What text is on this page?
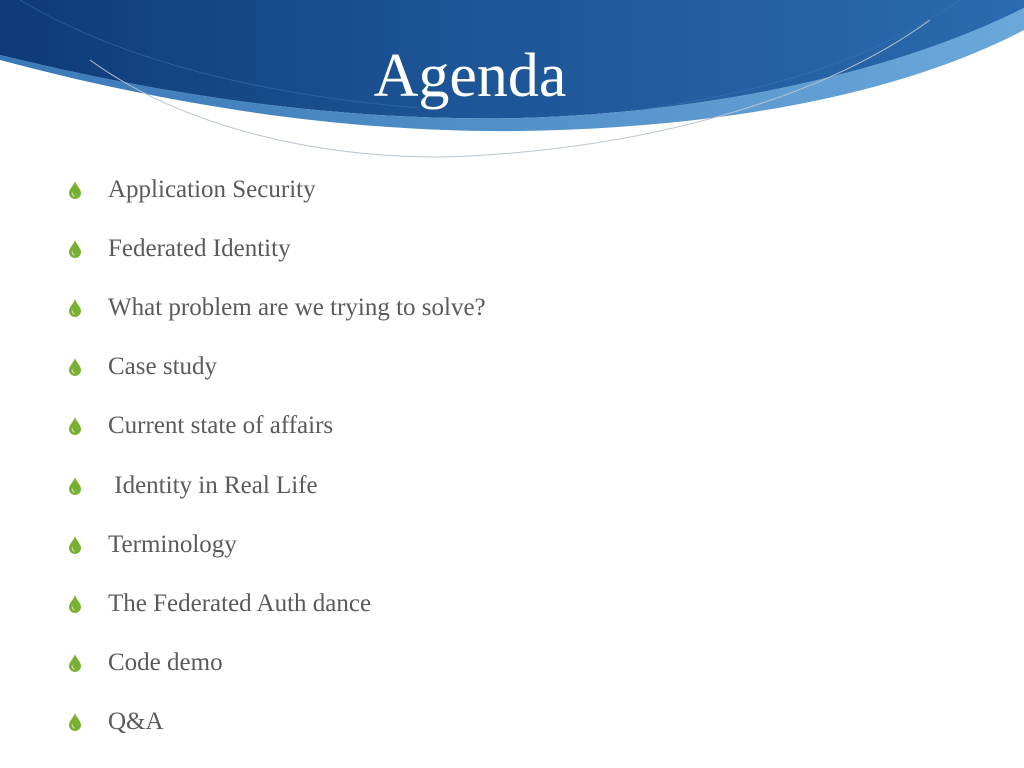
Agenda
Application Security
Federated Identity
What problem are we trying to solve?
Case study
Current state of affairs
Identity in Real Life
Terminology
The Federated Auth dance
Code demo
Q&A
